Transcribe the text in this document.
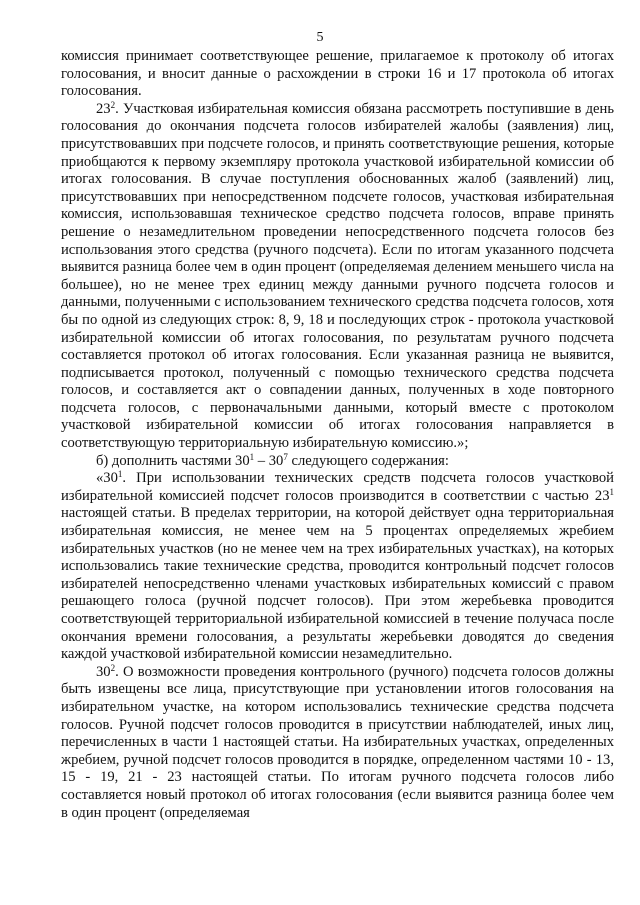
5

комиссия принимает соответствующее решение, прилагаемое к протоколу об итогах голосования, и вносит данные о расхождении в строки 16 и 17 протокола об итогах голосования.

$23^2$. Участковая избирательная комиссия обязана рассмотреть поступившие в день голосования до окончания подсчета голосов избирателей жалобы (заявления) лиц, присутствовавших при подсчете голосов, и принять соответствующие решения, которые приобщаются к первому экземпляру протокола участковой избирательной комиссии об итогах голосования. В случае поступления обоснованных жалоб (заявлений) лиц, присутствовавших при непосредственном подсчете голосов, участковая избирательная комиссия, использовавшая техническое средство подсчета голосов, вправе принять решение о незамедлительном проведении непосредственного подсчета голосов без использования этого средства (ручного подсчета). Если по итогам указанного подсчета выявится разница более чем в один процент (определяемая делением меньшего числа на большее), но не менее трех единиц между данными ручного подсчета голосов и данными, полученными с использованием технического средства подсчета голосов, хотя бы по одной из следующих строк: 8, 9, 18 и последующих строк - протокола участковой избирательной комиссии об итогах голосования, по результатам ручного подсчета составляется протокол об итогах голосования. Если указанная разница не выявится, подписывается протокол, полученный с помощью технического средства подсчета голосов, и составляется акт о совпадении данных, полученных в ходе повторного подсчета голосов, с первоначальными данными, который вместе с протоколом участковой избирательной комиссии об итогах голосования направляется в соответствующую территориальную избирательную комиссию.»;

б) дополнить частями $30^1 - 30^7$ следующего содержания:

«$30^1$. При использовании технических средств подсчета голосов участковой избирательной комиссией подсчет голосов производится в соответствии с частью $23^1$ настоящей статьи. В пределах территории, на которой действует одна территориальная избирательная комиссия, не менее чем на 5 процентах определяемых жребием избирательных участков (но не менее чем на трех избирательных участках), на которых использовались такие технические средства, проводится контрольный подсчет голосов избирателей непосредственно членами участковых избирательных комиссий с правом решающего голоса (ручной подсчет голосов). При этом жеребьевка проводится соответствующей территориальной избирательной комиссией в течение получаса после окончания времени голосования, а результаты жеребьевки доводятся до сведения каждой участковой избирательной комиссии незамедлительно.

$30^2$. О возможности проведения контрольного (ручного) подсчета голосов должны быть извещены все лица, присутствующие при установлении итогов голосования на избирательном участке, на котором использовались технические средства подсчета голосов. Ручной подсчет голосов проводится в присутствии наблюдателей, иных лиц, перечисленных в части 1 настоящей статьи. На избирательных участках, определенных жребием, ручной подсчет голосов проводится в порядке, определенном частями 10 - 13, 15 - 19, 21 - 23 настоящей статьи. По итогам ручного подсчета голосов либо составляется новый протокол об итогах голосования (если выявится разница более чем в один процент (определяемая
